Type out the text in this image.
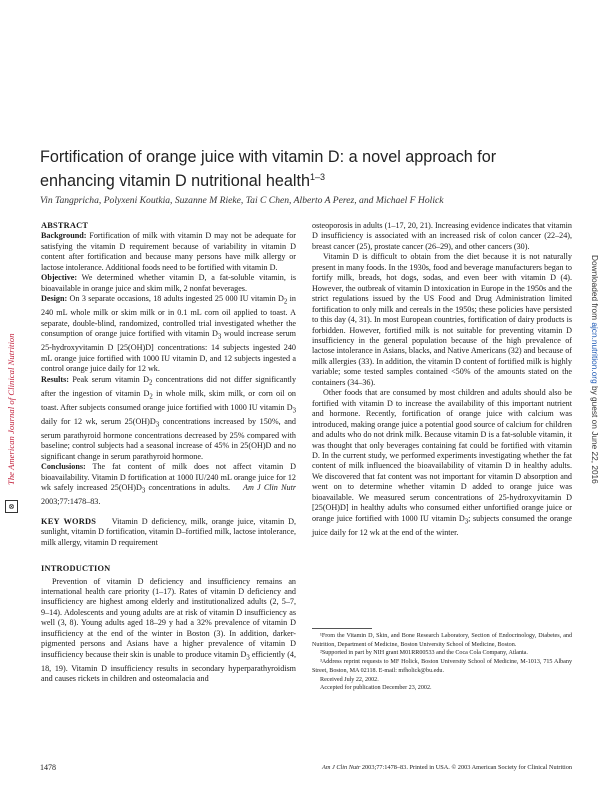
The American Journal of Clinical Nutrition
⊗
Downloaded from ajcn.nutrition.org by guest on June 22, 2016
Fortification of orange juice with vitamin D: a novel approach for
enhancing vitamin D nutritional health$^{1-3}$
Vin Tangpricha, Polyxeni Koutkia, Suzanne M Rieke, Tai C Chen, Alberto A Perez, and Michael F Holick

ABSTRACT

Background: Fortification of milk with vitamin D may not be adequate for satisfying the vitamin D requirement because of variability in vitamin D content after fortification and because many persons have milk allergy or lactose intolerance. Additional foods need to be fortified with vitamin D.

Objective: We determined whether vitamin D, a fat-soluble vitamin, is bioavailable in orange juice and skim milk, 2 nonfat beverages.

Design: On 3 separate occasions, 18 adults ingested 25 000 IU vitamin $D_2$ in 240 mL whole milk or skim milk or in 0.1 mL corn oil applied to toast. A separate, double-blind, randomized, controlled trial investigated whether the consumption of orange juice fortified with vitamin $D_3$ would increase serum 25-hydroxyvitamin D [25(OH)D] concentrations: 14 subjects ingested 240 mL orange juice fortified with 1000 IU vitamin D, and 12 subjects ingested a control orange juice daily for 12 wk.

Results: Peak serum vitamin $D_2$ concentrations did not differ significantly after the ingestion of vitamin $D_2$ in whole milk, skim milk, or corn oil on toast. After subjects consumed orange juice fortified with 1000 IU vitamin $D_3$ daily for 12 wk, serum $25(OH)D_3$ concentrations increased by 150%, and serum parathyroid hormone concentrations decreased by 25% compared with baseline; control subjects had a seasonal increase of 45% in 25(OH)D and no significant change in serum parathyroid hormone.

Conclusions: The fat content of milk does not affect vitamin D bioavailability. Vitamin D fortification at 1000 IU/240 mL orange juice for 12 wk safely increased $25(OH)D_3$ concentrations in adults. Am J Clin Nutr 2003;77:1478–83.

KEY WORDS Vitamin D deficiency, milk, orange juice, vitamin D, sunlight, vitamin D fortification, vitamin D–fortified milk, lactose intolerance, milk allergy, vitamin D requirement

INTRODUCTION

Prevention of vitamin D deficiency and insufficiency remains an international health care priority (1–17). Rates of vitamin D deficiency and insufficiency are highest among elderly and institutionalized adults (2, 5–7, 9–14). Adolescents and young adults are at risk of vitamin D insufficiency as well (3, 8). Young adults aged 18–29 y had a 32% prevalence of vitamin D insufficiency at the end of the winter in Boston (3). In addition, darker-pigmented persons and Asians have a higher prevalence of vitamin D insufficiency because their skin is unable to produce vitamin $D_3$ efficiently (4, 18, 19). Vitamin D insufficiency results in secondary hyperparathyroidism and causes rickets in children and osteomalacia and

osteoporosis in adults (1–17, 20, 21). Increasing evidence indicates that vitamin D insufficiency is associated with an increased risk of colon cancer (22–24), breast cancer (25), prostate cancer (26–29), and other cancers (30).

Vitamin D is difficult to obtain from the diet because it is not naturally present in many foods. In the 1930s, food and beverage manufacturers began to fortify milk, breads, hot dogs, sodas, and even beer with vitamin D (4). However, the outbreak of vitamin D intoxication in Europe in the 1950s and the strict regulations issued by the US Food and Drug Administration limited fortification to only milk and cereals in the 1950s; these policies have persisted to this day (4, 31). In most European countries, fortification of dairy products is forbidden. However, fortified milk is not suitable for preventing vitamin D insufficiency in the general population because of the high prevalence of lactose intolerance in Asians, blacks, and Native Americans (32) and because of milk allergies (33). In addition, the vitamin D content of fortified milk is highly variable; some tested samples contained <50% of the amounts stated on the containers (34–36).

Other foods that are consumed by most children and adults should also be fortified with vitamin D to increase the availability of this important nutrient and hormone. Recently, fortification of orange juice with calcium was introduced, making orange juice a potential good source of calcium for children and adults who do not drink milk. Because vitamin D is a fat-soluble vitamin, it was thought that only beverages containing fat could be fortified with vitamin D. In the current study, we performed experiments investigating whether the fat content of milk influenced the bioavailability of vitamin D in healthy adults. We discovered that fat content was not important for vitamin D absorption and went on to determine whether vitamin D added to orange juice was bioavailable. We measured serum concentrations of 25-hydroxyvitamin D [25(OH)D] in healthy adults who consumed either unfortified orange juice or orange juice fortified with 1000 IU vitamin $D_3$; subjects consumed the orange juice daily for 12 wk at the end of the winter.

¹From the Vitamin D, Skin, and Bone Research Laboratory, Section of Endocrinology, Diabetes, and Nutrition, Department of Medicine, Boston University School of Medicine, Boston.

²Supported in part by NIH grant M01RR00533 and the Coca Cola Company, Atlanta.

³Address reprint requests to MF Holick, Boston University School of Medicine, M-1013, 715 Albany Street, Boston, MA 02118. E-mail: mfholick@bu.edu.

Received July 22, 2002.

Accepted for publication December 23, 2002.

1478	Am J Clin Nutr 2003;77:1478–83. Printed in USA. © 2003 American Society for Clinical Nutrition
